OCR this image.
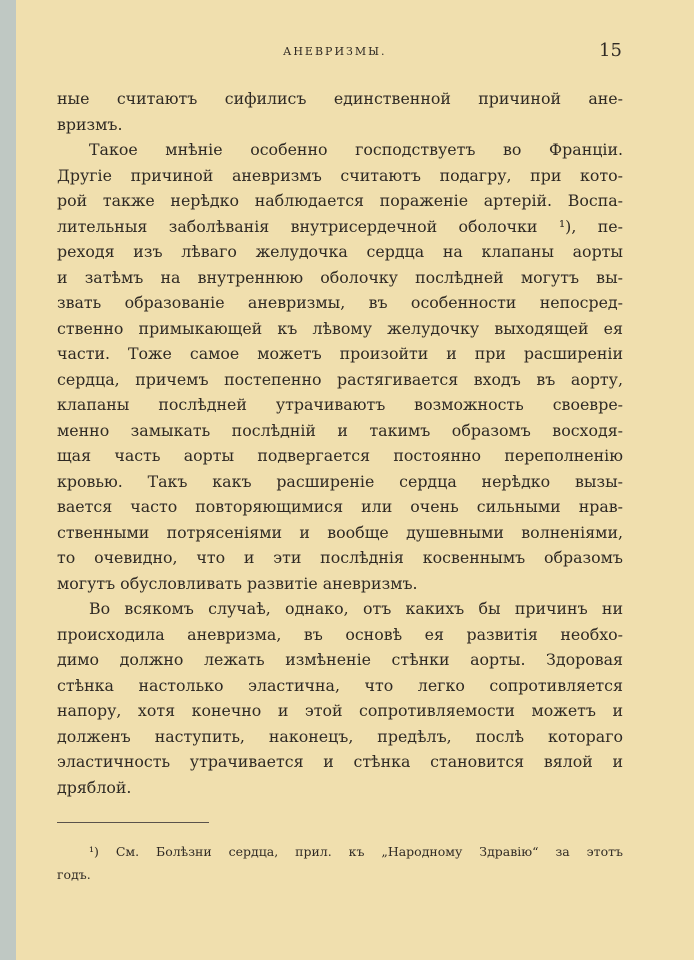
АНЕВРИЗМЫ.	15
ные считаютъ сифилисъ единственной причиной ане-
вризмъ.
Такое мнѣніе особенно господствуетъ во Франціи.
Другіе причиной аневризмъ считаютъ подагру, при кото-
рой также нерѣдко наблюдается пораженіе артерій. Воспа-
лительныя заболѣванія внутрисердечной оболочки ¹), пе-
реходя изъ лѣваго желудочка сердца на клапаны аорты
и затѣмъ на внутреннюю оболочку послѣдней могутъ вы-
звать образованіе аневризмы, въ особенности непосред-
ственно примыкающей къ лѣвому желудочку выходящей ея
части. Тоже самое можетъ произойти и при расширеніи
сердца, причемъ постепенно растягивается входъ въ аорту,
клапаны послѣдней утрачиваютъ возможность своевре-
менно замыкать послѣдній и такимъ образомъ восходя-
щая часть аорты подвергается постоянно переполненію
кровью. Такъ какъ расширеніе сердца нерѣдко вызы-
вается часто повторяющимися или очень сильными нрав-
ственными потрясеніями и вообще душевными волненіями,
то очевидно, что и эти послѣднія косвеннымъ образомъ
могутъ обусловливать развитіе аневризмъ.
Во всякомъ случаѣ, однако, отъ какихъ бы причинъ ни
происходила аневризма, въ основѣ ея развитія необхо-
димо должно лежать измѣненіе стѣнки аорты. Здоровая
стѣнка настолько эластична, что легко сопротивляется
напору, хотя конечно и этой сопротивляемости можетъ и
долженъ наступить, наконецъ, предѣлъ, послѣ котораго
эластичность утрачивается и стѣнка становится вялой и
дряблой.
¹) См. Болѣзни сердца, прил. къ „Народному Здравію“ за этотъ
годъ.
